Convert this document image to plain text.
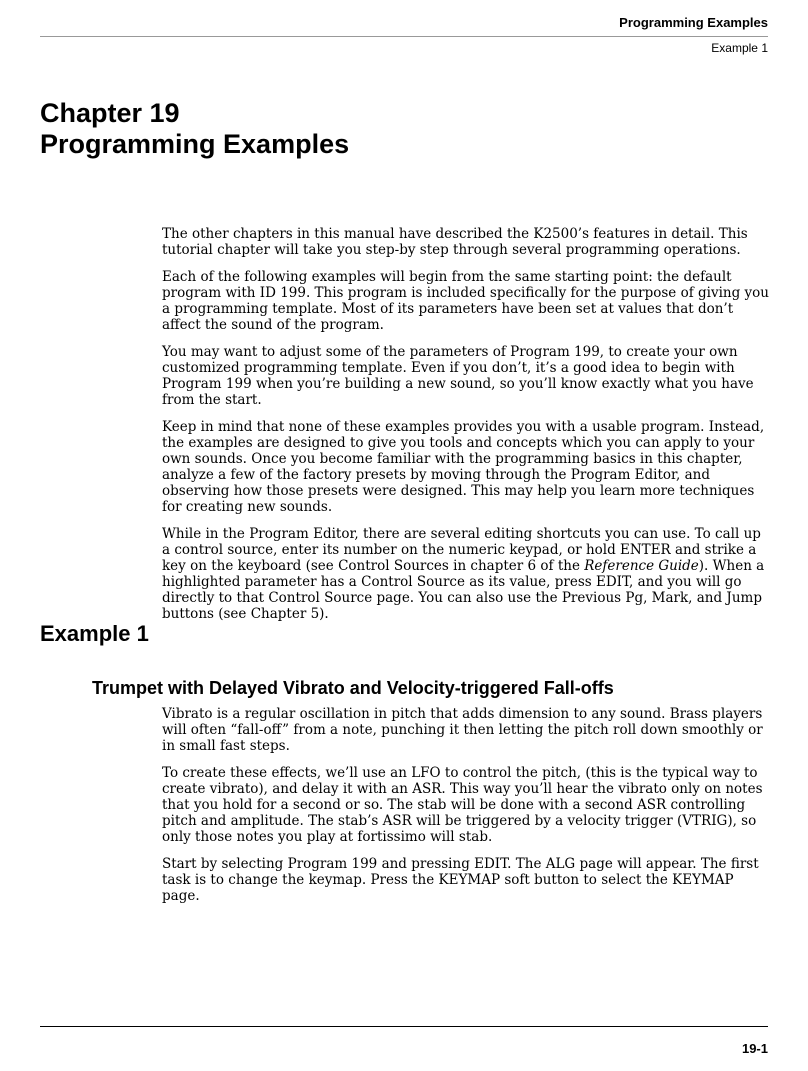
Programming Examples
Example 1
Chapter 19
Programming Examples

The other chapters in this manual have described the K2500’s features in detail. This tutorial chapter will take you step-by step through several programming operations.

Each of the following examples will begin from the same starting point: the default program with ID 199. This program is included specifically for the purpose of giving you a programming template. Most of its parameters have been set at values that don’t affect the sound of the program.

You may want to adjust some of the parameters of Program 199, to create your own customized programming template. Even if you don’t, it’s a good idea to begin with Program 199 when you’re building a new sound, so you’ll know exactly what you have from the start.

Keep in mind that none of these examples provides you with a usable program. Instead, the examples are designed to give you tools and concepts which you can apply to your own sounds. Once you become familiar with the programming basics in this chapter, analyze a few of the factory presets by moving through the Program Editor, and observing how those presets were designed. This may help you learn more techniques for creating new sounds.

While in the Program Editor, there are several editing shortcuts you can use. To call up a control source, enter its number on the numeric keypad, or hold ENTER and strike a key on the keyboard (see Control Sources in chapter 6 of the Reference Guide). When a highlighted parameter has a Control Source as its value, press EDIT, and you will go directly to that Control Source page. You can also use the Previous Pg, Mark, and Jump buttons (see Chapter 5).

Example 1
Trumpet with Delayed Vibrato and Velocity-triggered Fall-offs

Vibrato is a regular oscillation in pitch that adds dimension to any sound. Brass players will often “fall-off” from a note, punching it then letting the pitch roll down smoothly or in small fast steps.

To create these effects, we’ll use an LFO to control the pitch, (this is the typical way to create vibrato), and delay it with an ASR. This way you’ll hear the vibrato only on notes that you hold for a second or so. The stab will be done with a second ASR controlling pitch and amplitude. The stab’s ASR will be triggered by a velocity trigger (VTRIG), so only those notes you play at fortissimo will stab.

Start by selecting Program 199 and pressing EDIT. The ALG page will appear. The first task is to change the keymap. Press the KEYMAP soft button to select the KEYMAP page.

19-1
